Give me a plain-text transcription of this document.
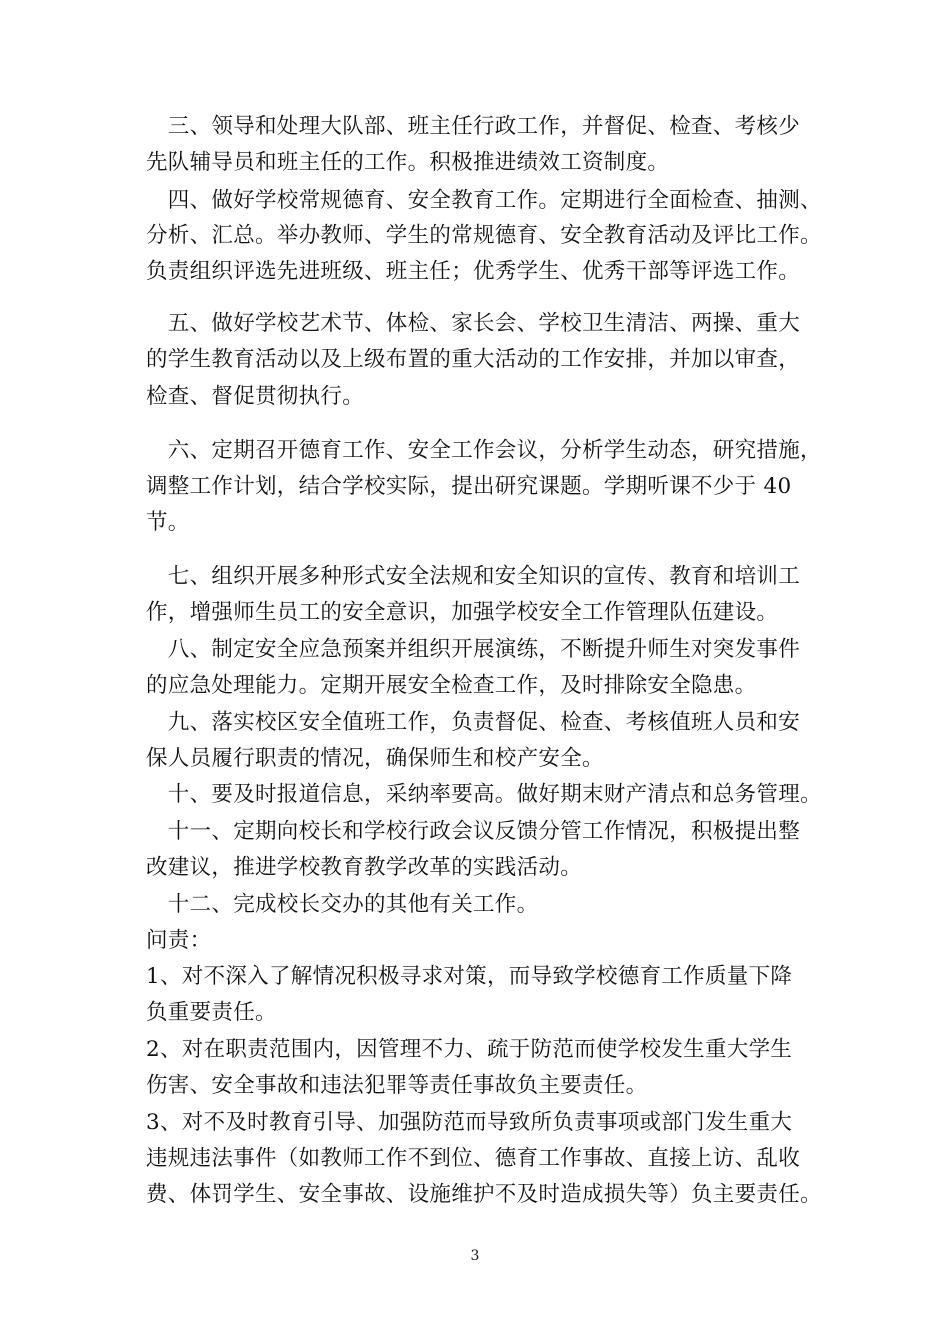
　三、领导和处理大队部、班主任行政工作，并督促、检查、考核少
先队辅导员和班主任的工作。积极推进绩效工资制度。
　四、做好学校常规德育、安全教育工作。定期进行全面检查、抽测、
分析、汇总。举办教师、学生的常规德育、安全教育活动及评比工作。
负责组织评选先进班级、班主任；优秀学生、优秀干部等评选工作。
　五、做好学校艺术节、体检、家长会、学校卫生清洁、两操、重大
的学生教育活动以及上级布置的重大活动的工作安排，并加以审查，
检查、督促贯彻执行。
　六、定期召开德育工作、安全工作会议，分析学生动态，研究措施，
调整工作计划，结合学校实际，提出研究课题。学期听课不少于 40
节。
　七、组织开展多种形式安全法规和安全知识的宣传、教育和培训工
作，增强师生员工的安全意识，加强学校安全工作管理队伍建设。
　八、制定安全应急预案并组织开展演练，不断提升师生对突发事件
的应急处理能力。定期开展安全检查工作，及时排除安全隐患。
　九、落实校区安全值班工作，负责督促、检查、考核值班人员和安
保人员履行职责的情况，确保师生和校产安全。
　十、要及时报道信息，采纳率要高。做好期末财产清点和总务管理。
　十一、定期向校长和学校行政会议反馈分管工作情况，积极提出整
改建议，推进学校教育教学改革的实践活动。
　十二、完成校长交办的其他有关工作。
问责：
1、对不深入了解情况积极寻求对策，而导致学校德育工作质量下降
负重要责任。
2、对在职责范围内，因管理不力、疏于防范而使学校发生重大学生
伤害、安全事故和违法犯罪等责任事故负主要责任。
3、对不及时教育引导、加强防范而导致所负责事项或部门发生重大
违规违法事件（如教师工作不到位、德育工作事故、直接上访、乱收
费、体罚学生、安全事故、设施维护不及时造成损失等）负主要责任。
3
